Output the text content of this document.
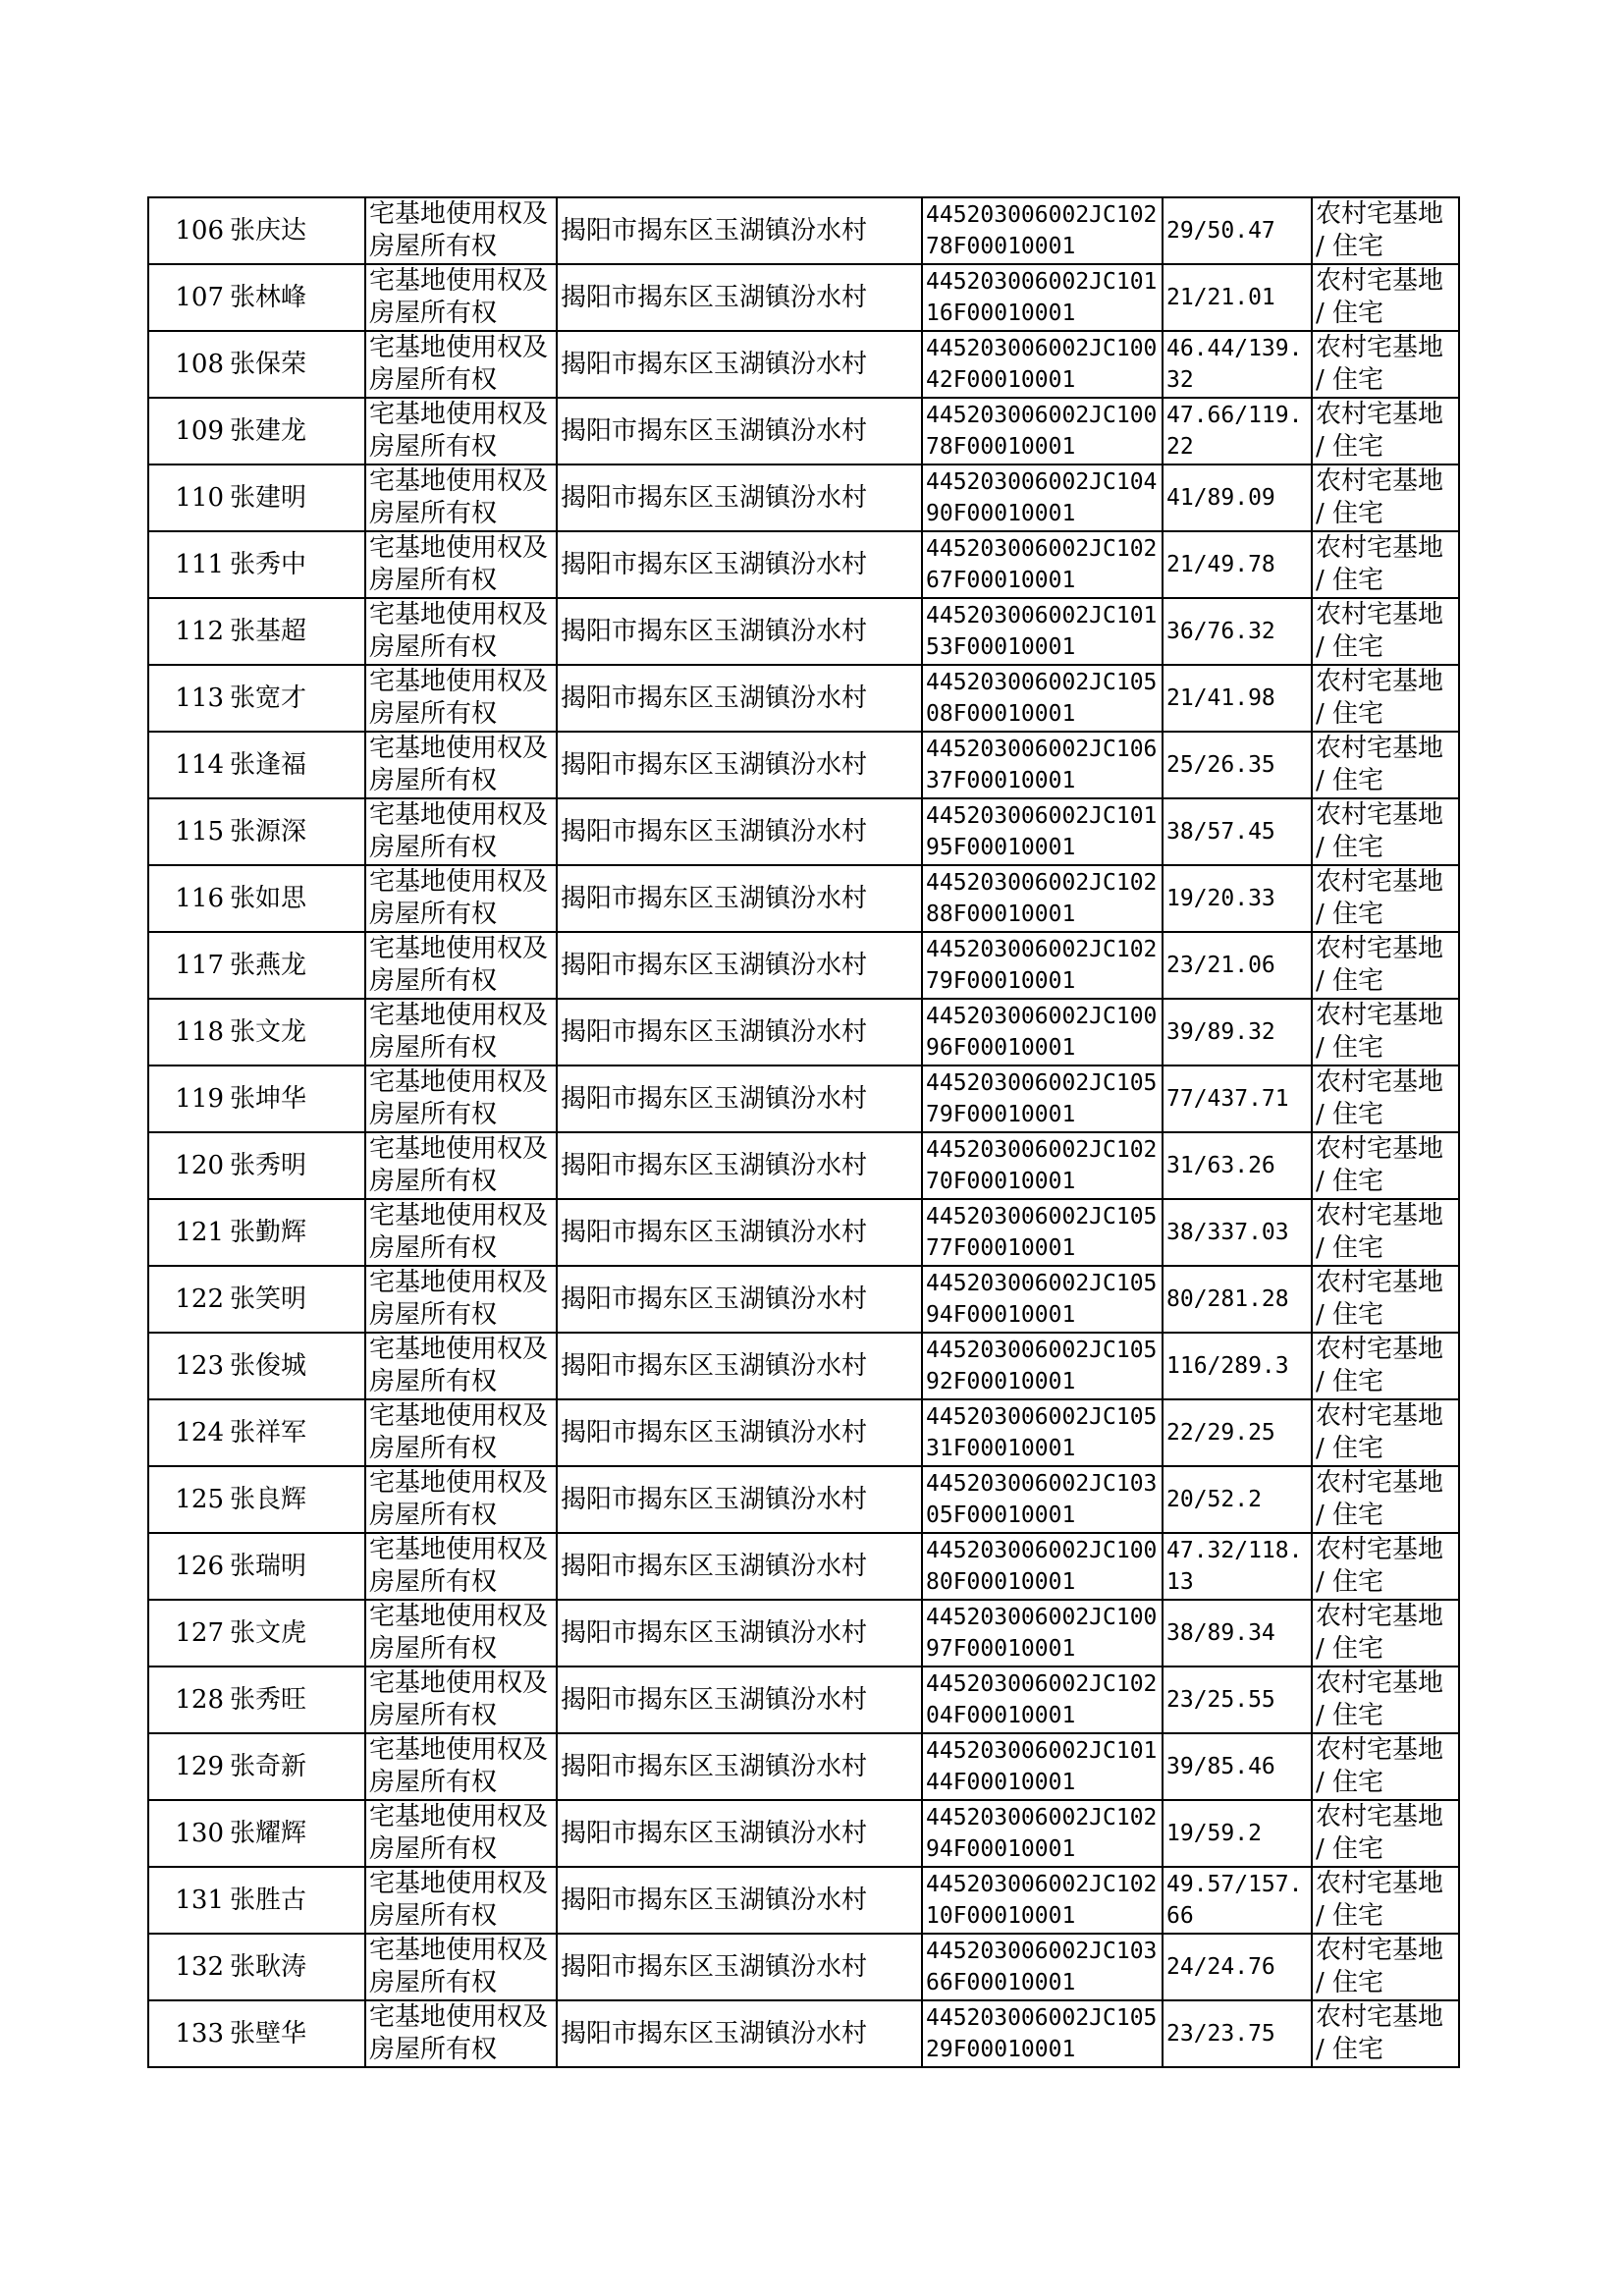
106	张庆达	宅基地使用权及房屋所有权	揭阳市揭东区玉湖镇汾水村	445203006002JC10278F00010001	29/50.47	农村宅基地 / 住宅
107	张林峰	宅基地使用权及房屋所有权	揭阳市揭东区玉湖镇汾水村	445203006002JC10116F00010001	21/21.01	农村宅基地 / 住宅
108	张保荣	宅基地使用权及房屋所有权	揭阳市揭东区玉湖镇汾水村	445203006002JC10042F00010001	46.44/139.32	农村宅基地 / 住宅
109	张建龙	宅基地使用权及房屋所有权	揭阳市揭东区玉湖镇汾水村	445203006002JC10078F00010001	47.66/119.22	农村宅基地 / 住宅
110	张建明	宅基地使用权及房屋所有权	揭阳市揭东区玉湖镇汾水村	445203006002JC10490F00010001	41/89.09	农村宅基地 / 住宅
111	张秀中	宅基地使用权及房屋所有权	揭阳市揭东区玉湖镇汾水村	445203006002JC10267F00010001	21/49.78	农村宅基地 / 住宅
112	张基超	宅基地使用权及房屋所有权	揭阳市揭东区玉湖镇汾水村	445203006002JC10153F00010001	36/76.32	农村宅基地 / 住宅
113	张宽才	宅基地使用权及房屋所有权	揭阳市揭东区玉湖镇汾水村	445203006002JC10508F00010001	21/41.98	农村宅基地 / 住宅
114	张逢福	宅基地使用权及房屋所有权	揭阳市揭东区玉湖镇汾水村	445203006002JC10637F00010001	25/26.35	农村宅基地 / 住宅
115	张源深	宅基地使用权及房屋所有权	揭阳市揭东区玉湖镇汾水村	445203006002JC10195F00010001	38/57.45	农村宅基地 / 住宅
116	张如思	宅基地使用权及房屋所有权	揭阳市揭东区玉湖镇汾水村	445203006002JC10288F00010001	19/20.33	农村宅基地 / 住宅
117	张燕龙	宅基地使用权及房屋所有权	揭阳市揭东区玉湖镇汾水村	445203006002JC10279F00010001	23/21.06	农村宅基地 / 住宅
118	张文龙	宅基地使用权及房屋所有权	揭阳市揭东区玉湖镇汾水村	445203006002JC10096F00010001	39/89.32	农村宅基地 / 住宅
119	张坤华	宅基地使用权及房屋所有权	揭阳市揭东区玉湖镇汾水村	445203006002JC10579F00010001	77/437.71	农村宅基地 / 住宅
120	张秀明	宅基地使用权及房屋所有权	揭阳市揭东区玉湖镇汾水村	445203006002JC10270F00010001	31/63.26	农村宅基地 / 住宅
121	张勤辉	宅基地使用权及房屋所有权	揭阳市揭东区玉湖镇汾水村	445203006002JC10577F00010001	38/337.03	农村宅基地 / 住宅
122	张笑明	宅基地使用权及房屋所有权	揭阳市揭东区玉湖镇汾水村	445203006002JC10594F00010001	80/281.28	农村宅基地 / 住宅
123	张俊城	宅基地使用权及房屋所有权	揭阳市揭东区玉湖镇汾水村	445203006002JC10592F00010001	116/289.3	农村宅基地 / 住宅
124	张祥军	宅基地使用权及房屋所有权	揭阳市揭东区玉湖镇汾水村	445203006002JC10531F00010001	22/29.25	农村宅基地 / 住宅
125	张良辉	宅基地使用权及房屋所有权	揭阳市揭东区玉湖镇汾水村	445203006002JC10305F00010001	20/52.2	农村宅基地 / 住宅
126	张瑞明	宅基地使用权及房屋所有权	揭阳市揭东区玉湖镇汾水村	445203006002JC10080F00010001	47.32/118.13	农村宅基地 / 住宅
127	张文虎	宅基地使用权及房屋所有权	揭阳市揭东区玉湖镇汾水村	445203006002JC10097F00010001	38/89.34	农村宅基地 / 住宅
128	张秀旺	宅基地使用权及房屋所有权	揭阳市揭东区玉湖镇汾水村	445203006002JC10204F00010001	23/25.55	农村宅基地 / 住宅
129	张奇新	宅基地使用权及房屋所有权	揭阳市揭东区玉湖镇汾水村	445203006002JC10144F00010001	39/85.46	农村宅基地 / 住宅
130	张耀辉	宅基地使用权及房屋所有权	揭阳市揭东区玉湖镇汾水村	445203006002JC10294F00010001	19/59.2	农村宅基地 / 住宅
131	张胜古	宅基地使用权及房屋所有权	揭阳市揭东区玉湖镇汾水村	445203006002JC10210F00010001	49.57/157.66	农村宅基地 / 住宅
132	张耿涛	宅基地使用权及房屋所有权	揭阳市揭东区玉湖镇汾水村	445203006002JC10366F00010001	24/24.76	农村宅基地 / 住宅
133	张壁华	宅基地使用权及房屋所有权	揭阳市揭东区玉湖镇汾水村	445203006002JC10529F00010001	23/23.75	农村宅基地 / 住宅
